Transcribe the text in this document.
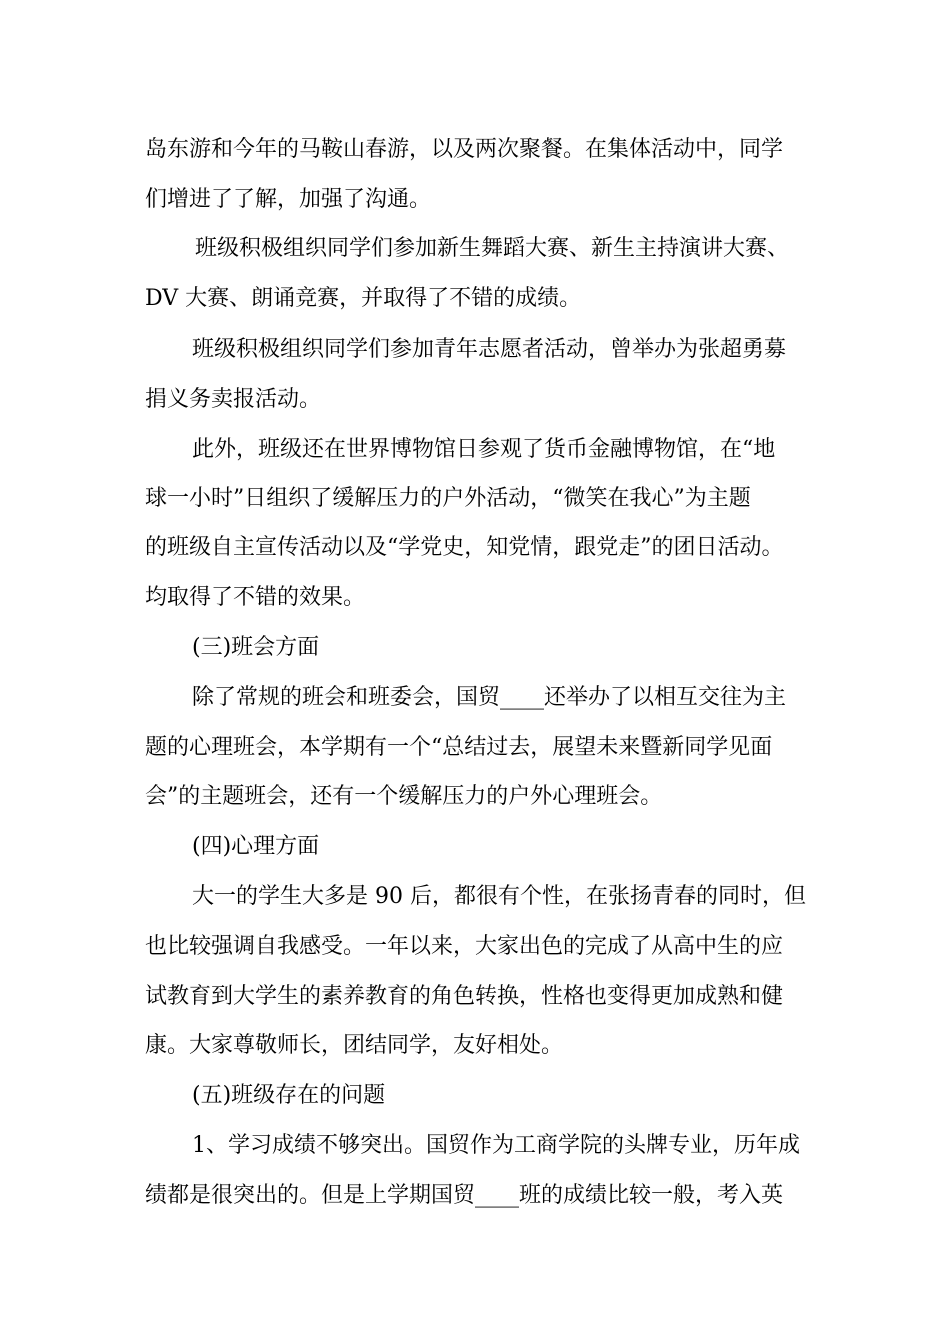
岛东游和今年的马鞍山春游，以及两次聚餐。在集体活动中，同学
们增进了了解，加强了沟通。
班级积极组织同学们参加新生舞蹈大赛、新生主持演讲大赛、
DV 大赛、朗诵竞赛，并取得了不错的成绩。
班级积极组织同学们参加青年志愿者活动，曾举办为张超勇募
捐义务卖报活动。
此外，班级还在世界博物馆日参观了货币金融博物馆，在“地
球一小时”日组织了缓解压力的户外活动，“微笑在我心”为主题
的班级自主宣传活动以及“学党史，知党情，跟党走”的团日活动。
均取得了不错的效果。
(三)班会方面
除了常规的班会和班委会，国贸____还举办了以相互交往为主
题的心理班会，本学期有一个“总结过去，展望未来暨新同学见面
会”的主题班会，还有一个缓解压力的户外心理班会。
(四)心理方面
大一的学生大多是 90 后，都很有个性，在张扬青春的同时，但
也比较强调自我感受。一年以来，大家出色的完成了从高中生的应
试教育到大学生的素养教育的角色转换，性格也变得更加成熟和健
康。大家尊敬师长，团结同学，友好相处。
(五)班级存在的问题
1、学习成绩不够突出。国贸作为工商学院的头牌专业，历年成
绩都是很突出的。但是上学期国贸____班的成绩比较一般，考入英
